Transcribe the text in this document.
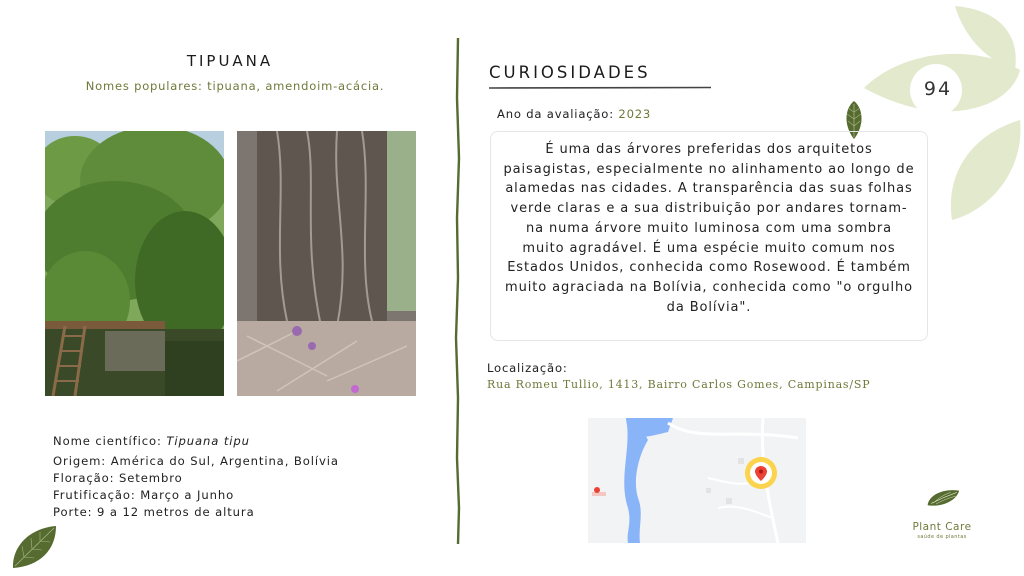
94
TIPUANA
Nomes populares: tipuana, amendoim-acácia.
Nome científico: Tipuana tipu
Origem: América do Sul, Argentina, Bolívia
Floração: Setembro
Frutificação: Março a Junho
Porte: 9 a 12 metros de altura
CURIOSIDADES
Ano da avaliação: 2023
É uma das árvores preferidas dos arquitetos paisagistas, especialmente no alinhamento ao longo de alamedas nas cidades. A transparência das suas folhas verde claras e a sua distribuição por andares tornam-na numa árvore muito luminosa com uma sombra muito agradável. É uma espécie muito comum nos Estados Unidos, conhecida como Rosewood. É também muito agraciada na Bolívia, conhecida como "o orgulho da Bolívia".
Localização:
Rua Romeu Tullio, 1413, Bairro Carlos Gomes, Campinas/SP
Plant Care
saúde de plantas
